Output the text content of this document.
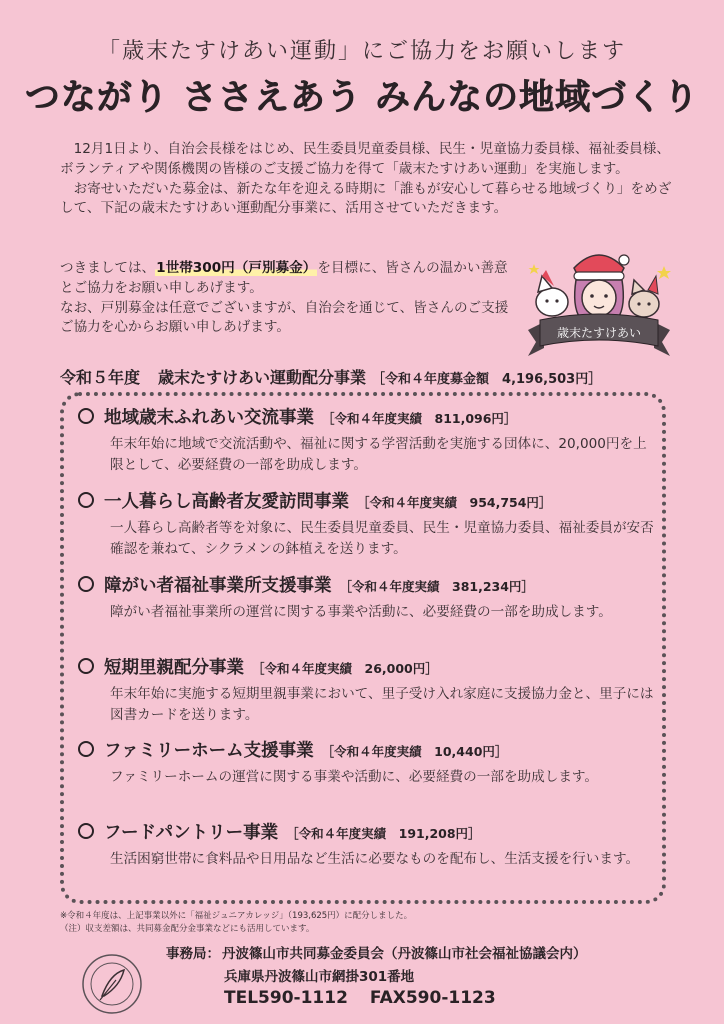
「歳末たすけあい運動」にご協力をお願いします
つながり ささえあう みんなの地域づくり

12月1日より、自治会長様をはじめ、民生委員児童委員様、民生・児童協力委員様、福祉委員様、ボランティアや関係機関の皆様のご支援ご協力を得て「歳末たすけあい運動」を実施します。

お寄せいただいた募金は、新たな年を迎える時期に「誰もが安心して暮らせる地域づくり」をめざして、下記の歳末たすけあい運動配分事業に、活用させていただきます。

つきましては、1世帯300円（戸別募金）を目標に、皆さんの温かい善意とご協力をお願い申しあげます。

なお、戸別募金は任意でございますが、自治会を通じて、皆さんのご支援ご協力を心からお願い申しあげます。	歳末たすけあい
令和５年度 歳末たすけあい運動配分事業 ［令和４年度募金額　4,196,503円］
地域歳末ふれあい交流事業 ［令和４年度実績　811,096円］
年末年始に地域で交流活動や、福祉に関する学習活動を実施する団体に、20,000円を上限として、必要経費の一部を助成します。
一人暮らし高齢者友愛訪問事業 ［令和４年度実績　954,754円］
一人暮らし高齢者等を対象に、民生委員児童委員、民生・児童協力委員、福祉委員が安否確認を兼ねて、シクラメンの鉢植えを送ります。
障がい者福祉事業所支援事業 ［令和４年度実績　381,234円］
障がい者福祉事業所の運営に関する事業や活動に、必要経費の一部を助成します。
短期里親配分事業 ［令和４年度実績　26,000円］
年末年始に実施する短期里親事業において、里子受け入れ家庭に支援協力金と、里子には図書カードを送ります。
ファミリーホーム支援事業 ［令和４年度実績　10,440円］
ファミリーホームの運営に関する事業や活動に、必要経費の一部を助成します。
フードパントリー事業 ［令和４年度実績　191,208円］
生活困窮世帯に食料品や日用品など生活に必要なものを配布し、生活支援を行います。
※令和４年度は、上記事業以外に「福祉ジュニアカレッジ」（193,625円）に配分しました。
（注）収支差額は、共同募金配分金事業などにも活用しています。
事務局： 丹波篠山市共同募金委員会（丹波篠山市社会福祉協議会内）
兵庫県丹波篠山市網掛301番地
TEL590-1112 FAX590-1123
